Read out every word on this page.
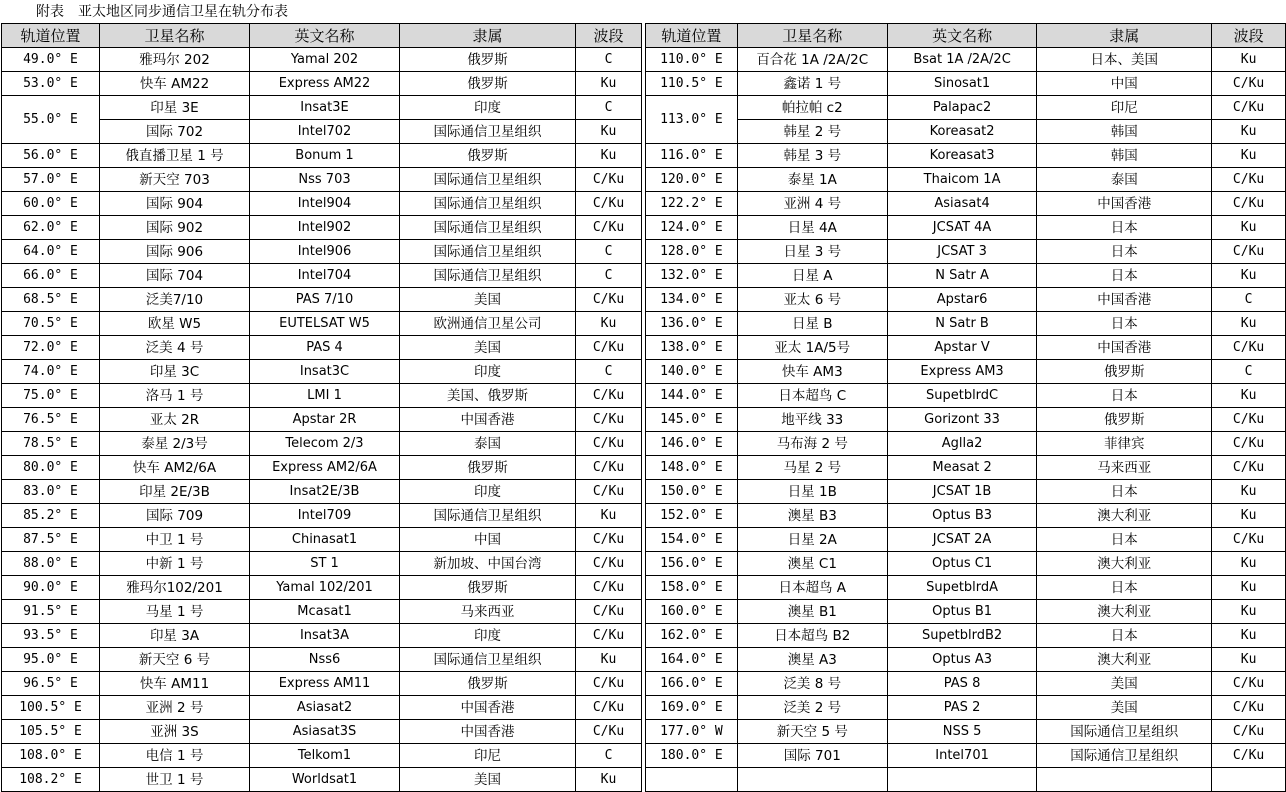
附表　亚太地区同步通信卫星在轨分布表
轨道位置	卫星名称	英文名称	隶属	波段
49.0° E	雅玛尔 202	Yamal 202	俄罗斯	C
53.0° E	快车 AM22	Express AM22	俄罗斯	Ku
55.0° E	印星 3E	Insat3E	印度	C
	国际 702	Intel702	国际通信卫星组织	Ku
56.0° E	俄直播卫星 1 号	Bonum 1	俄罗斯	Ku
57.0° E	新天空 703	Nss 703	国际通信卫星组织	C/Ku
60.0° E	国际 904	Intel904	国际通信卫星组织	C/Ku
62.0° E	国际 902	Intel902	国际通信卫星组织	C/Ku
64.0° E	国际 906	Intel906	国际通信卫星组织	C
66.0° E	国际 704	Intel704	国际通信卫星组织	C
68.5° E	泛美7/10	PAS 7/10	美国	C/Ku
70.5° E	欧星 W5	EUTELSAT W5	欧洲通信卫星公司	Ku
72.0° E	泛美 4 号	PAS 4	美国	C/Ku
74.0° E	印星 3C	Insat3C	印度	C
75.0° E	洛马 1 号	LMI 1	美国、俄罗斯	C/Ku
76.5° E	亚太 2R	Apstar 2R	中国香港	C/Ku
78.5° E	泰星 2/3号	Telecom 2/3	泰国	C/Ku
80.0° E	快车 AM2/6A	Express AM2/6A	俄罗斯	C/Ku
83.0° E	印星 2E/3B	Insat2E/3B	印度	C/Ku
85.2° E	国际 709	Intel709	国际通信卫星组织	Ku
87.5° E	中卫 1 号	Chinasat1	中国	C/Ku
88.0° E	中新 1 号	ST 1	新加坡、中国台湾	C/Ku
90.0° E	雅玛尔102/201	Yamal 102/201	俄罗斯	C/Ku
91.5° E	马星 1 号	Mcasat1	马来西亚	C/Ku
93.5° E	印星 3A	Insat3A	印度	C/Ku
95.0° E	新天空 6 号	Nss6	国际通信卫星组织	Ku
96.5° E	快车 AM11	Express AM11	俄罗斯	C/Ku
100.5° E	亚洲 2 号	Asiasat2	中国香港	C/Ku
105.5° E	亚洲 3S	Asiasat3S	中国香港	C/Ku
108.0° E	电信 1 号	Telkom1	印尼	C
108.2° E	世卫 1 号	Worldsat1	美国	Ku
轨道位置	卫星名称	英文名称	隶属	波段
110.0° E	百合花 1A /2A/2C	Bsat 1A /2A/2C	日本、美国	Ku
110.5° E	鑫诺 1 号	Sinosat1	中国	C/Ku
113.0° E	帕拉帕 c2	Palapac2	印尼	C/Ku
	韩星 2 号	Koreasat2	韩国	Ku
116.0° E	韩星 3 号	Koreasat3	韩国	Ku
120.0° E	泰星 1A	Thaicom 1A	泰国	C/Ku
122.2° E	亚洲 4 号	Asiasat4	中国香港	C/Ku
124.0° E	日星 4A	JCSAT 4A	日本	Ku
128.0° E	日星 3 号	JCSAT 3	日本	C/Ku
132.0° E	日星 A	N Satr A	日本	Ku
134.0° E	亚太 6 号	Apstar6	中国香港	C
136.0° E	日星 B	N Satr B	日本	Ku
138.0° E	亚太 1A/5号	Apstar V	中国香港	C/Ku
140.0° E	快车 AM3	Express AM3	俄罗斯	C
144.0° E	日本超鸟 C	SupetblrdC	日本	Ku
145.0° E	地平线 33	Gorizont 33	俄罗斯	C/Ku
146.0° E	马布海 2 号	Aglla2	菲律宾	C/Ku
148.0° E	马星 2 号	Measat 2	马来西亚	C/Ku
150.0° E	日星 1B	JCSAT 1B	日本	Ku
152.0° E	澳星 B3	Optus B3	澳大利亚	Ku
154.0° E	日星 2A	JCSAT 2A	日本	C/Ku
156.0° E	澳星 C1	Optus C1	澳大利亚	Ku
158.0° E	日本超鸟 A	SupetblrdA	日本	Ku
160.0° E	澳星 B1	Optus B1	澳大利亚	Ku
162.0° E	日本超鸟 B2	SupetblrdB2	日本	Ku
164.0° E	澳星 A3	Optus A3	澳大利亚	Ku
166.0° E	泛美 8 号	PAS 8	美国	C/Ku
169.0° E	泛美 2 号	PAS 2	美国	C/Ku
177.0° W	新天空 5 号	NSS 5	国际通信卫星组织	C/Ku
180.0° E	国际 701	Intel701	国际通信卫星组织	C/Ku
